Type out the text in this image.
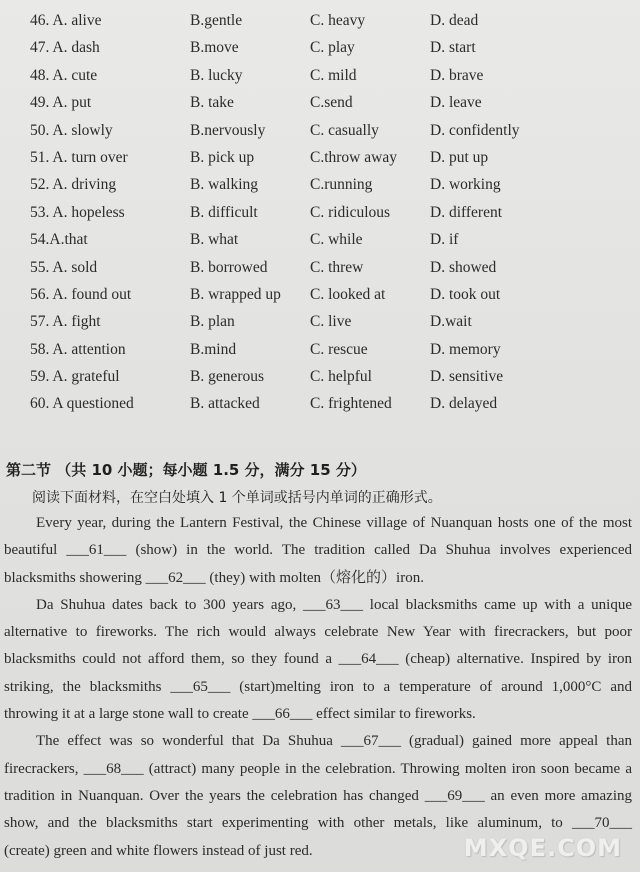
46. A. alive	B.gentle	C. heavy	D. dead
47. A. dash	B.move	C. play	D. start
48. A. cute	B. lucky	C. mild	D. brave
49. A. put	B. take	C.send	D. leave
50. A. slowly	B.nervously	C. casually	D. confidently
51. A. turn over	B. pick up	C.throw away D. put up
52. A. driving	B. walking	C.running	D. working
53. A. hopeless	B. difficult	C. ridiculous	D. different
54.A.that	B. what	C. while	D. if
55. A. sold	B. borrowed	C. threw	D. showed
56. A. found out	B. wrapped up C. looked at	D. took out
57. A. fight	B. plan	C. live	D.wait
58. A. attention	B.mind	C. rescue	D. memory
59. A. grateful	B. generous	C. helpful	D. sensitive
60. A questioned	B. attacked	C. frightened D. delayed
第二节 （共 10 小题；每小题 1.5 分，满分 15 分）
阅读下面材料，在空白处填入 1 个单词或括号内单词的正确形式。
Every year, during the Lantern Festival, the Chinese village of Nuanquan hosts one of the most
beautiful ___61___ (show) in the world. The tradition called Da Shuhua involves experienced
blacksmiths showering ___62___ (they) with molten（熔化的）iron.
Da Shuhua dates back to 300 years ago, ___63___ local blacksmiths came up with a unique
alternative to fireworks. The rich would always celebrate New Year with firecrackers, but poor
blacksmiths could not afford them, so they found a ___64___ (cheap) alternative. Inspired by iron
striking, the blacksmiths ___65___ (start)melting iron to a temperature of around 1,000°C and
throwing it at a large stone wall to create ___66___ effect similar to fireworks.
The effect was so wonderful that Da Shuhua ___67___ (gradual) gained more appeal than
firecrackers, ___68___ (attract) many people in the celebration. Throwing molten iron soon became a
tradition in Nuanquan. Over the years the celebration has changed ___69___ an even more amazing
show, and the blacksmiths start experimenting with other metals, like aluminum, to ___70___
(create) green and white flowers instead of just red.	MXQE.COM
